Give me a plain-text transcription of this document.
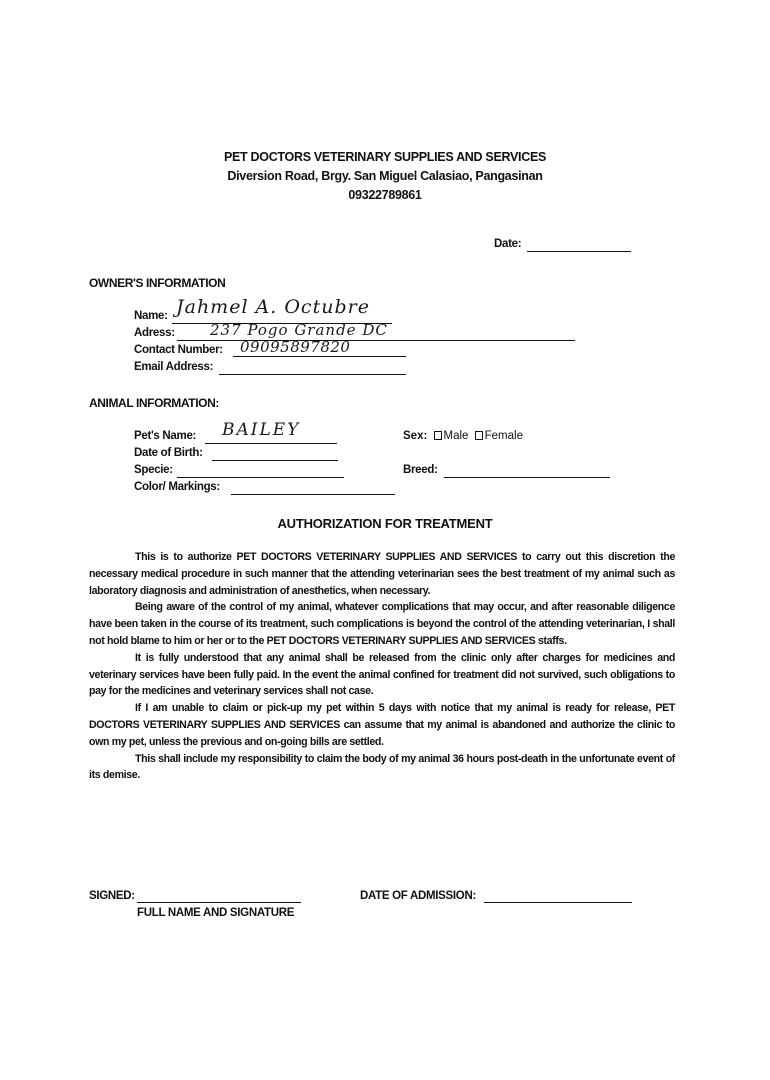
PET DOCTORS VETERINARY SUPPLIES AND SERVICES
Diversion Road, Brgy. San Miguel Calasiao, Pangasinan
09322789861
Date:
OWNER'S INFORMATION
Name: Jahmel A. Octubre
Adress: 237 Pogo Grande DC
Contact Number: 09095897820
Email Address:
ANIMAL INFORMATION:
Pet's Name: BAILEY	Sex: Male Female
Date of Birth:
Specie:	Breed:
Color/ Markings:
AUTHORIZATION FOR TREATMENT

This is to authorize PET DOCTORS VETERINARY SUPPLIES AND SERVICES to carry out this discretion the necessary medical procedure in such manner that the attending veterinarian sees the best treatment of my animal such as laboratory diagnosis and administration of anesthetics, when necessary.

Being aware of the control of my animal, whatever complications that may occur, and after reasonable diligence have been taken in the course of its treatment, such complications is beyond the control of the attending veterinarian, I shall not hold blame to him or her or to the PET DOCTORS VETERINARY SUPPLIES AND SERVICES staffs.

It is fully understood that any animal shall be released from the clinic only after charges for medicines and veterinary services have been fully paid. In the event the animal confined for treatment did not survived, such obligations to pay for the medicines and veterinary services shall not case.

If I am unable to claim or pick-up my pet within 5 days with notice that my animal is ready for release, PET DOCTORS VETERINARY SUPPLIES AND SERVICES can assume that my animal is abandoned and authorize the clinic to own my pet, unless the previous and on-going bills are settled.

This shall include my responsibility to claim the body of my animal 36 hours post-death in the unfortunate event of its demise.

SIGNED:
FULL NAME AND SIGNATURE
DATE OF ADMISSION:
